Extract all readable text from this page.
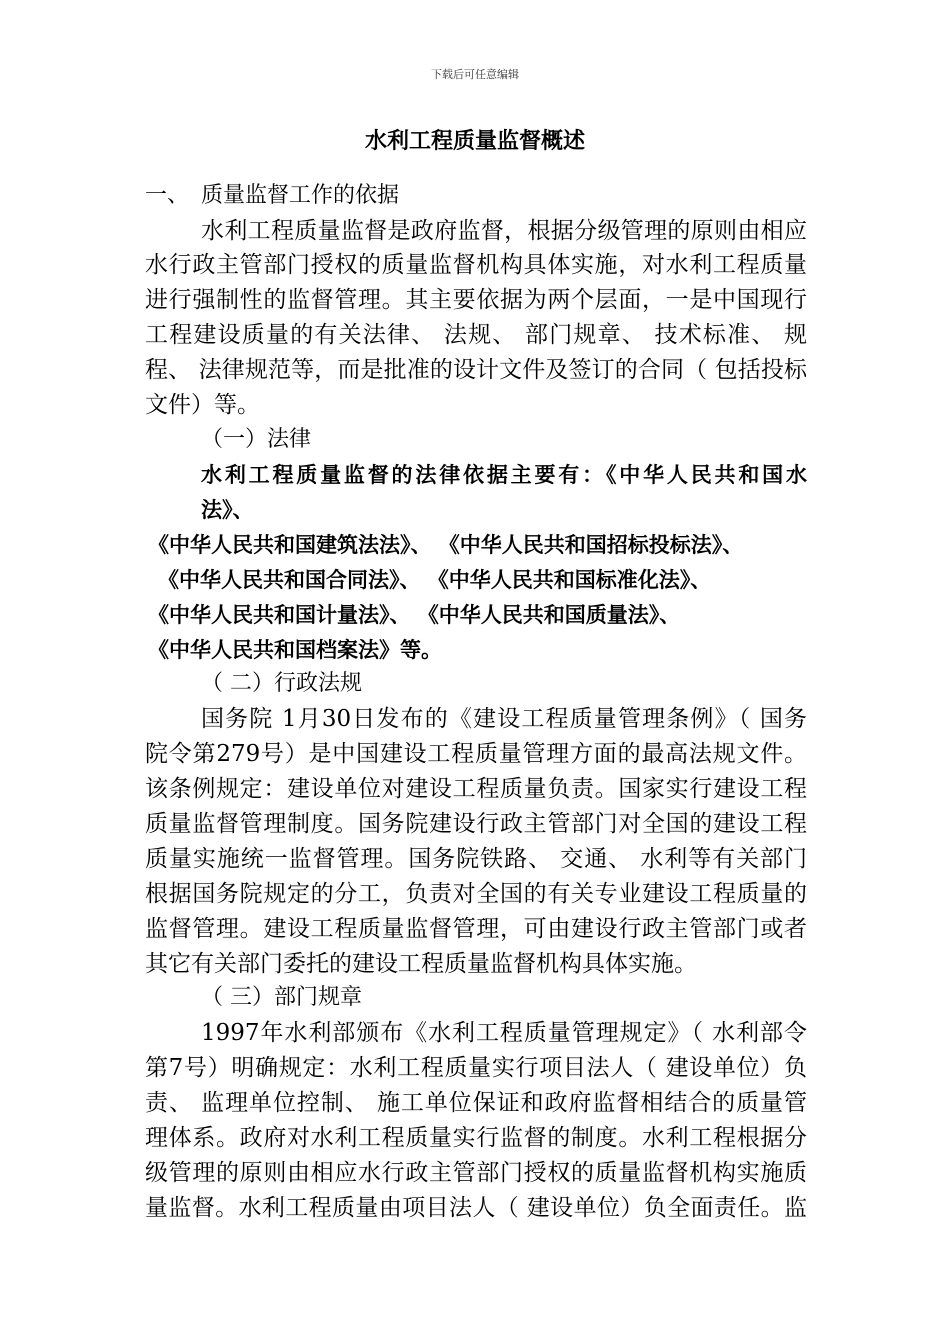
下载后可任意编辑
水利工程质量监督概述
一、 质量监督工作的依据
水利工程质量监督是政府监督，根据分级管理的原则由相应
水行政主管部门授权的质量监督机构具体实施，对水利工程质量
进行强制性的监督管理。其主要依据为两个层面，一是中国现行
工程建设质量的有关法律、 法规、 部门规章、 技术标准、 规
程、 法律规范等，而是批准的设计文件及签订的合同（ 包括投标
文件）等。
（一）法律
水利工程质量监督的法律依据主要有：《中华人民共和国水
法》、
《中华人民共和国建筑法法》、 《中华人民共和国招标投标法》、
《中华人民共和国合同法》、 《中华人民共和国标准化法》、
《中华人民共和国计量法》、 《中华人民共和国质量法》、
《中华人民共和国档案法》等。
（ 二）行政法规
国务院 1月30日发布的《建设工程质量管理条例》（ 国务
院令第279号）是中国建设工程质量管理方面的最高法规文件。
该条例规定：建设单位对建设工程质量负责。国家实行建设工程
质量监督管理制度。国务院建设行政主管部门对全国的建设工程
质量实施统一监督管理。国务院铁路、 交通、 水利等有关部门
根据国务院规定的分工，负责对全国的有关专业建设工程质量的
监督管理。建设工程质量监督管理，可由建设行政主管部门或者
其它有关部门委托的建设工程质量监督机构具体实施。
（ 三）部门规章
1997年水利部颁布《水利工程质量管理规定》（ 水利部令
第7号）明确规定：水利工程质量实行项目法人（ 建设单位）负
责、 监理单位控制、 施工单位保证和政府监督相结合的质量管
理体系。政府对水利工程质量实行监督的制度。水利工程根据分
级管理的原则由相应水行政主管部门授权的质量监督机构实施质
量监督。水利工程质量由项目法人（ 建设单位）负全面责任。监
